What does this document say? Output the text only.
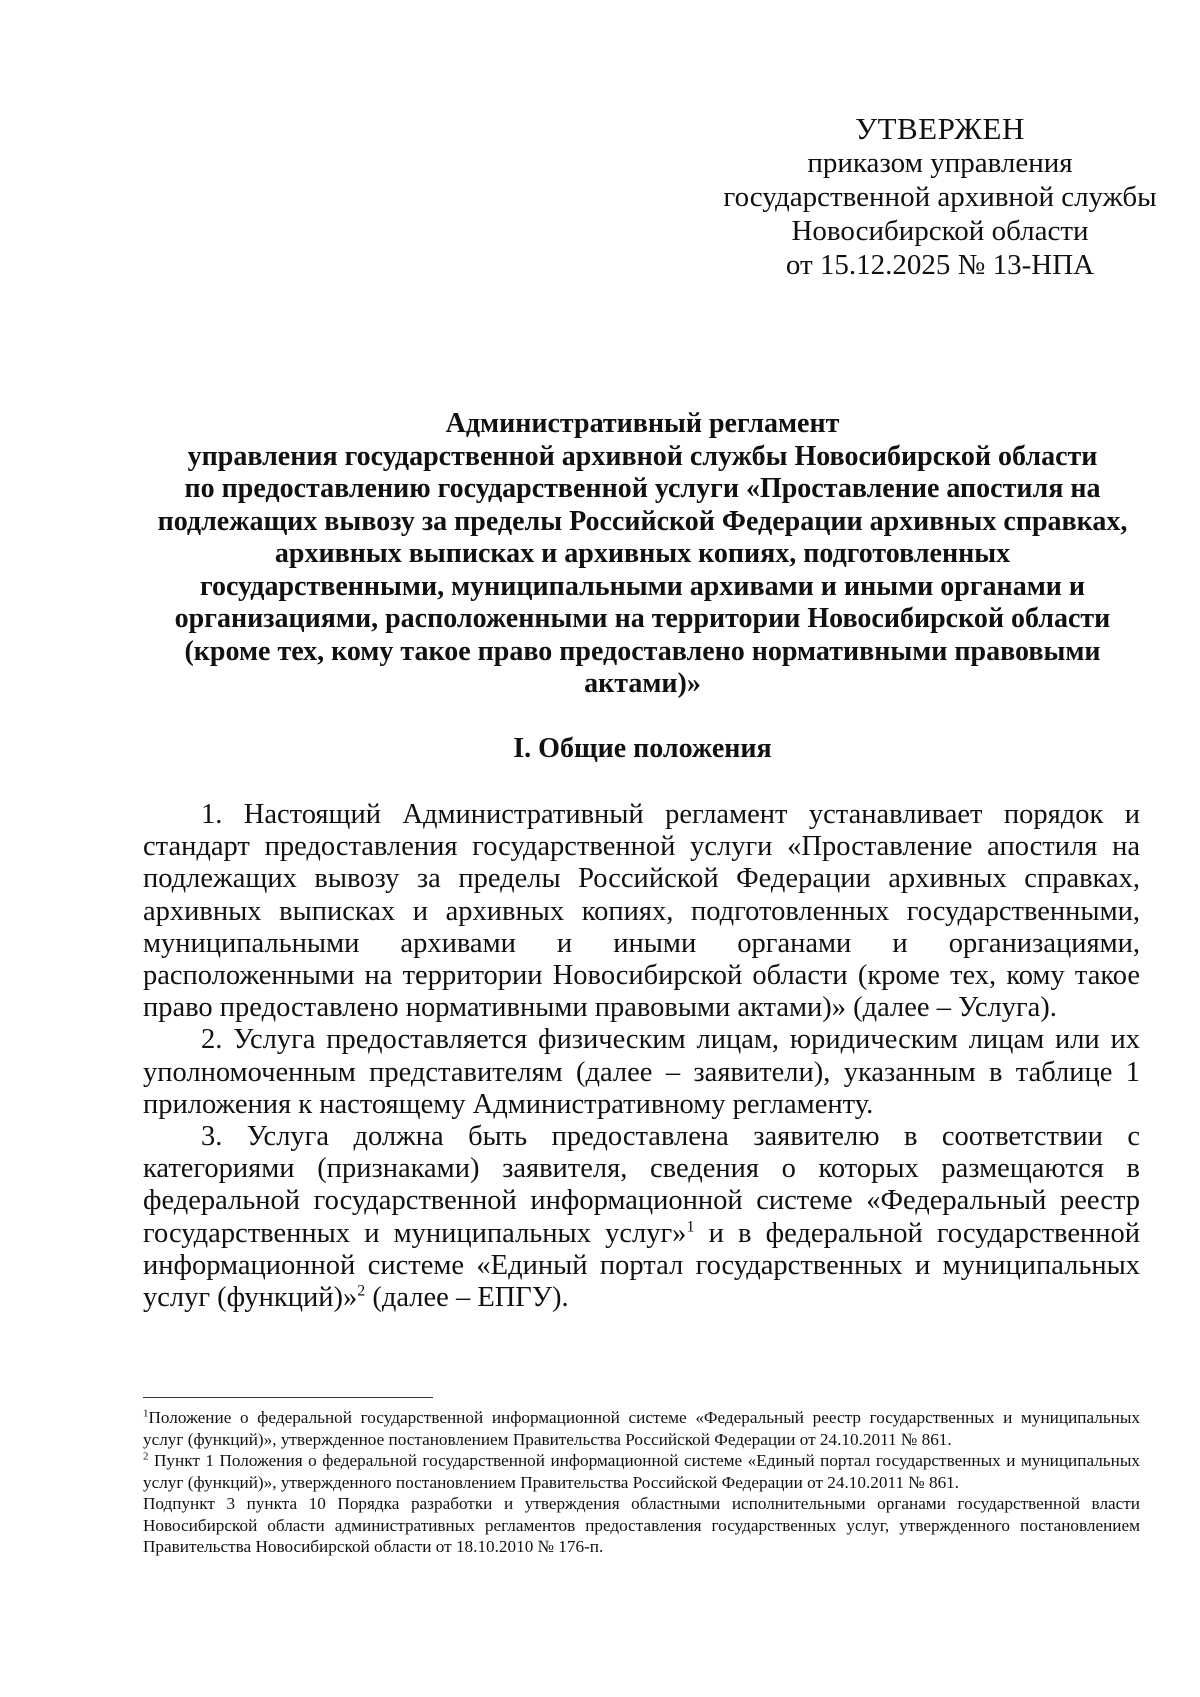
УТВЕРЖЕН
приказом управления
государственной архивной службы
Новосибирской области
от 15.12.2025 № 13-НПА
Административный регламент
управления государственной архивной службы Новосибирской области
по предоставлению государственной услуги «Проставление апостиля на
подлежащих вывозу за пределы Российской Федерации архивных справках,
архивных выписках и архивных копиях, подготовленных
государственными, муниципальными архивами и иными органами и
организациями, расположенными на территории Новосибирской области
(кроме тех, кому такое право предоставлено нормативными правовыми
актами)»
I. Общие положения

1. Настоящий Административный регламент устанавливает порядок и стандарт предоставления государственной услуги «Проставление апостиля на подлежащих вывозу за пределы Российской Федерации архивных справках, архивных выписках и архивных копиях, подготовленных государственными, муниципальными архивами и иными органами и организациями, расположенными на территории Новосибирской области (кроме тех, кому такое право предоставлено нормативными правовыми актами)» (далее – Услуга).

2. Услуга предоставляется физическим лицам, юридическим лицам или их уполномоченным представителям (далее – заявители), указанным в таблице 1 приложения к настоящему Административному регламенту.

3. Услуга должна быть предоставлена заявителю в соответствии с категориями (признаками) заявителя, сведения о которых размещаются в федеральной государственной информационной системе «Федеральный реестр государственных и муниципальных услуг»$^1$ и в федеральной государственной информационной системе «Единый портал государственных и муниципальных услуг (функций)»$^2$ (далее – ЕПГУ).

$^1$Положение о федеральной государственной информационной системе «Федеральный реестр государственных и муниципальных услуг (функций)», утвержденное постановлением Правительства Российской Федерации от 24.10.2011 № 861.

$^2$ Пункт 1 Положения о федеральной государственной информационной системе «Единый портал государственных и муниципальных услуг (функций)», утвержденного постановлением Правительства Российской Федерации от 24.10.2011 № 861.

Подпункт 3 пункта 10 Порядка разработки и утверждения областными исполнительными органами государственной власти Новосибирской области административных регламентов предоставления государственных услуг, утвержденного постановлением Правительства Новосибирской области от 18.10.2010 № 176-п.
